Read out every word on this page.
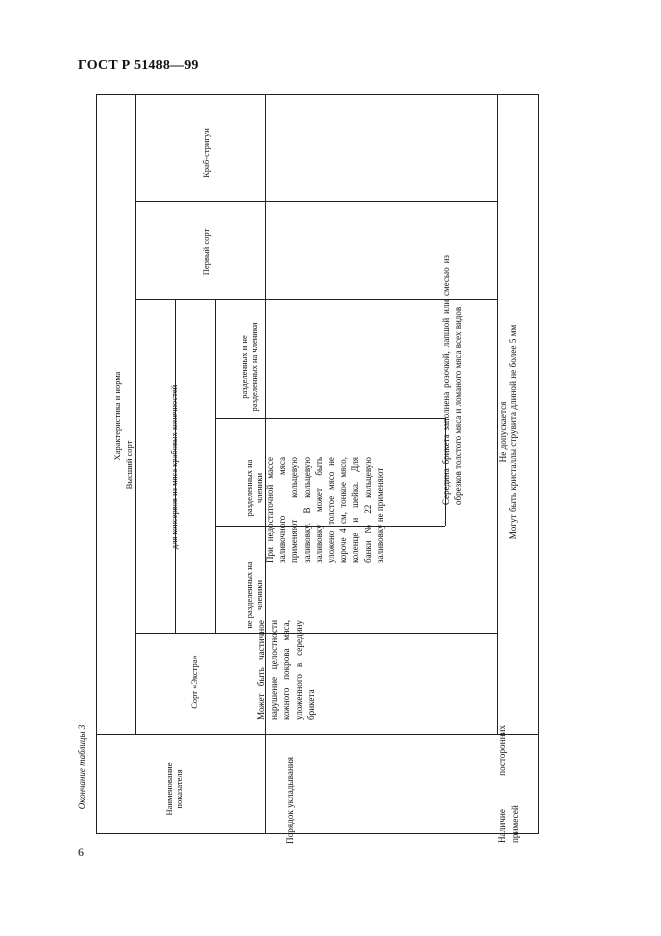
ГОСТ Р 51488—99
Окончание таблицы 3
6
Наименование показателя
Характеристика и норма
Сорт «Экстра»
Высший сорт
Первый сорт
Краб-стригун
для консервов из мяса крабовых конечностей
не разделенных на членики
разделенных на членики
разделенных и не разделенных на членики
Порядок укладывания
Может быть частичное нарушение целостности кожного покрова мяса, уложенного в середину брикета
При недостаточной массе заливочного мяса применяют кольцевую заливовку. В кольцевую заливовку может быть уложено толстое мясо не короче 4 см, тонкое мясо, коленце и шейка. Для банки № 22 кольцевую заливовку не применяют
Середина брикета заполнена розочкой, лапшой или смесью из обрезков толстого мяса и ломаного мяса всех видов
Наличие посторонних примесей
Не допускается Могут быть кристаллы струвита длиной не более 5 мм
